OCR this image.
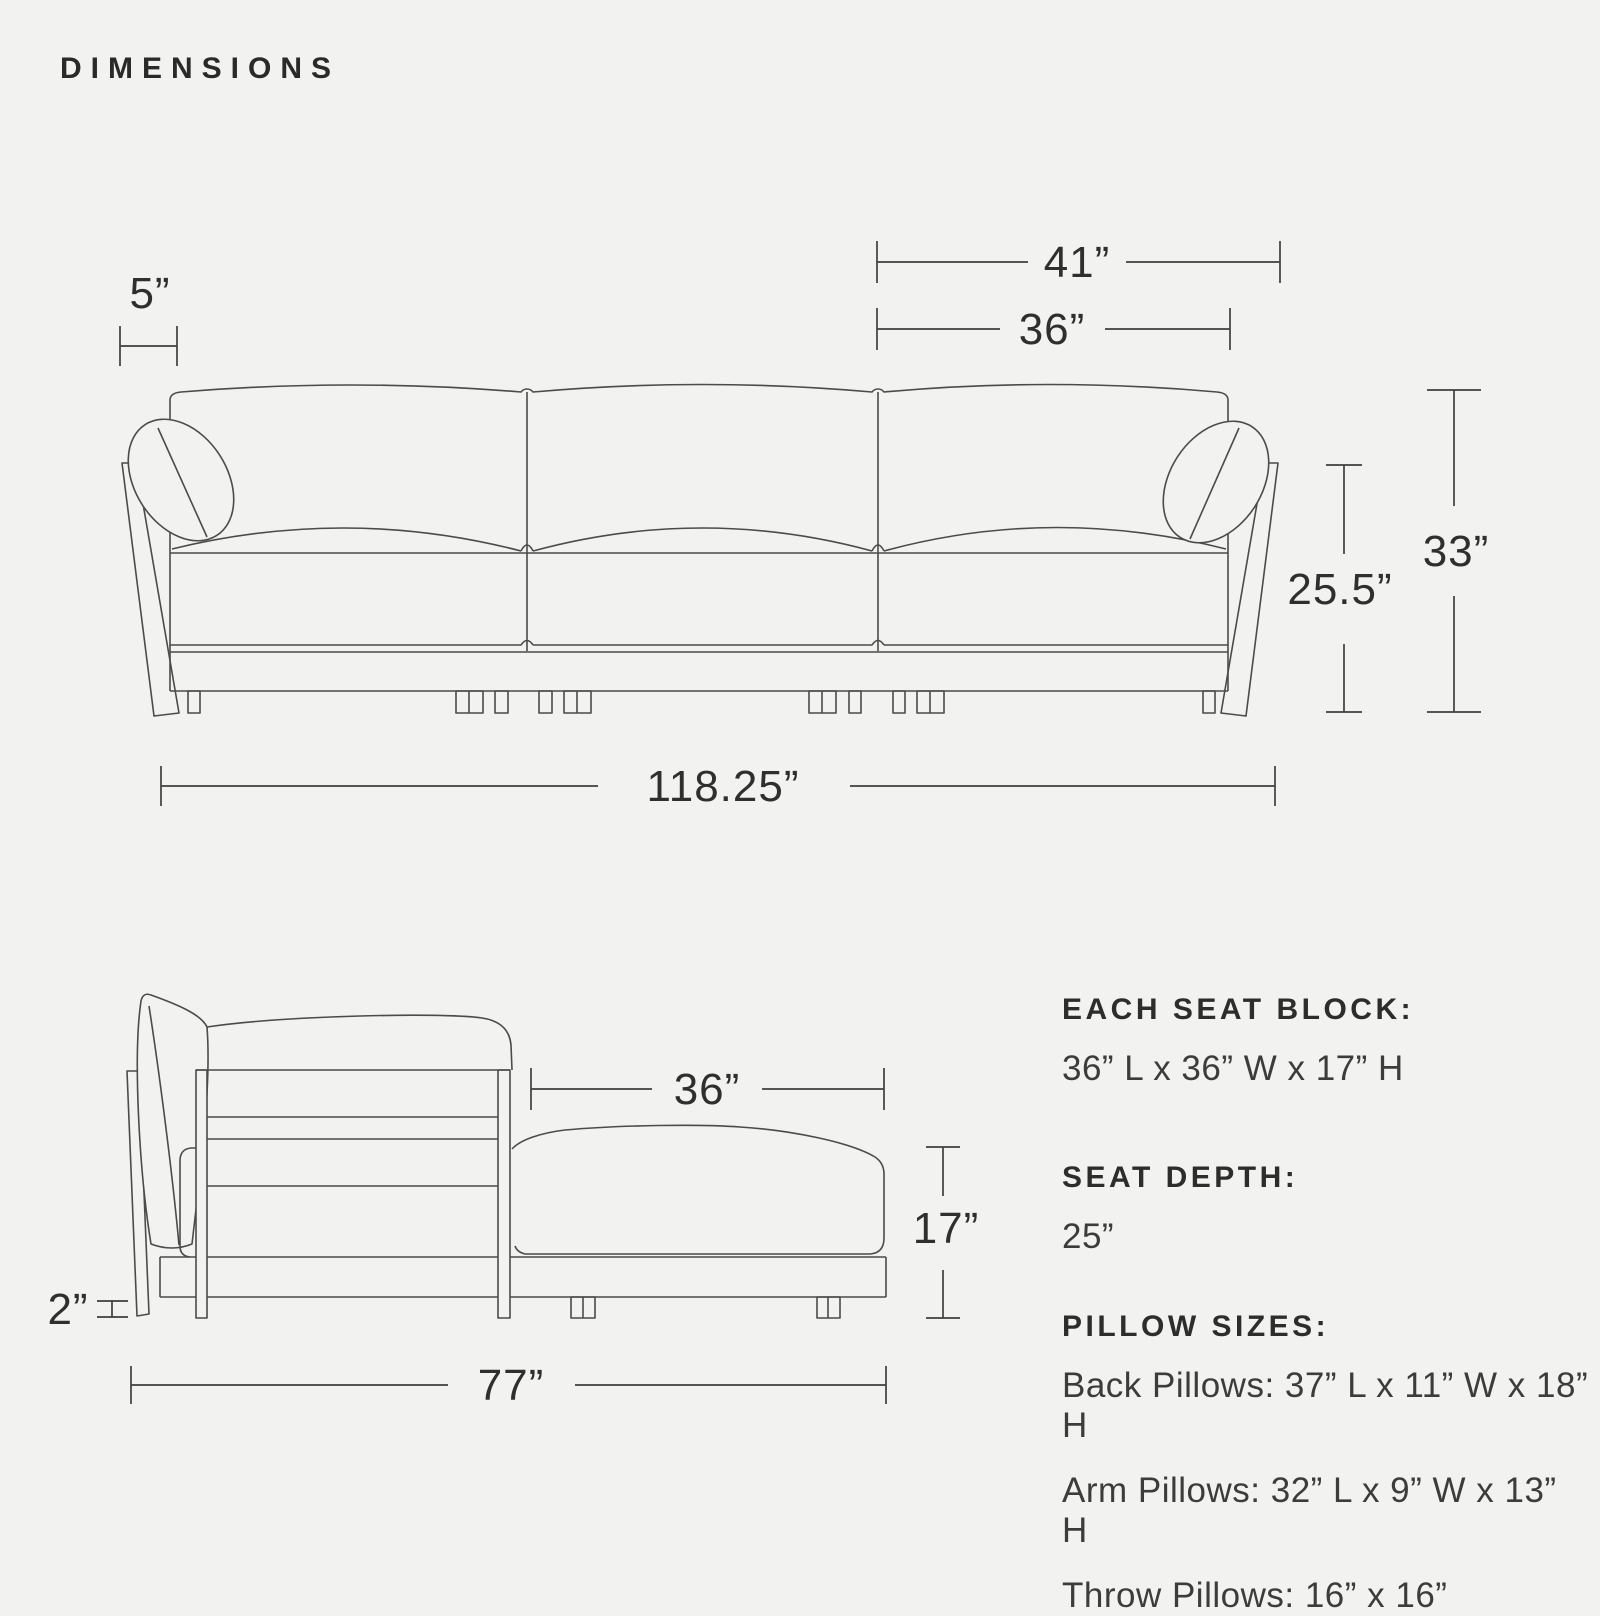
DIMENSIONS
5”
41”
36”
33”
25.5”
118.25”
36”
17”
2”
77”

EACH SEAT BLOCK:

36” L x 36” W x 17” H

SEAT DEPTH:

25”

PILLOW SIZES:

Back Pillows: 37” L x 11” W x 18” H

Arm Pillows: 32” L x 9” W x 13” H

Throw Pillows: 16” x 16”
